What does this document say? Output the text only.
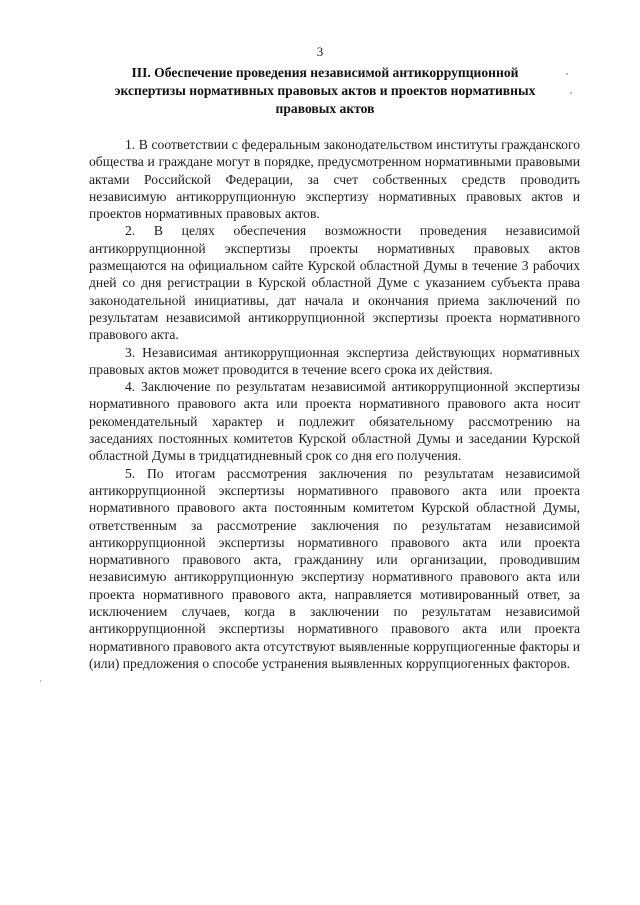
3
III. Обеспечение проведения независимой антикоррупционной экспертизы нормативных правовых актов и проектов нормативных правовых актов

1. В соответствии с федеральным законодательством институты гражданского общества и граждане могут в порядке, предусмотренном нормативными правовыми актами Российской Федерации, за счет собственных средств проводить независимую антикоррупционную экспертизу нормативных правовых актов и проектов нормативных правовых актов.

2. В целях обеспечения возможности проведения независимой антикоррупционной экспертизы проекты нормативных правовых актов размещаются на официальном сайте Курской областной Думы в течение 3 рабочих дней со дня регистрации в Курской областной Думе с указанием субъекта права законодательной инициативы, дат начала и окончания приема заключений по результатам независимой антикоррупционной экспертизы проекта нормативного правового акта.

3. Независимая антикоррупционная экспертиза действующих нормативных правовых актов может проводится в течение всего срока их действия.

4. Заключение по результатам независимой антикоррупционной экспертизы нормативного правового акта или проекта нормативного правового акта носит рекомендательный характер и подлежит обязательному рассмотрению на заседаниях постоянных комитетов Курской областной Думы и заседании Курской областной Думы в тридцатидневный срок со дня его получения.

5. По итогам рассмотрения заключения по результатам независимой антикоррупционной экспертизы нормативного правового акта или проекта нормативного правового акта постоянным комитетом Курской областной Думы, ответственным за рассмотрение заключения по результатам независимой антикоррупционной экспертизы нормативного правового акта или проекта нормативного правового акта, гражданину или организации, проводившим независимую антикоррупционную экспертизу нормативного правового акта или проекта нормативного правового акта, направляется мотивированный ответ, за исключением случаев, когда в заключении по результатам независимой антикоррупционной экспертизы нормативного правового акта или проекта нормативного правового акта отсутствуют выявленные коррупциогенные факторы и (или) предложения о способе устранения выявленных коррупциогенных факторов.
